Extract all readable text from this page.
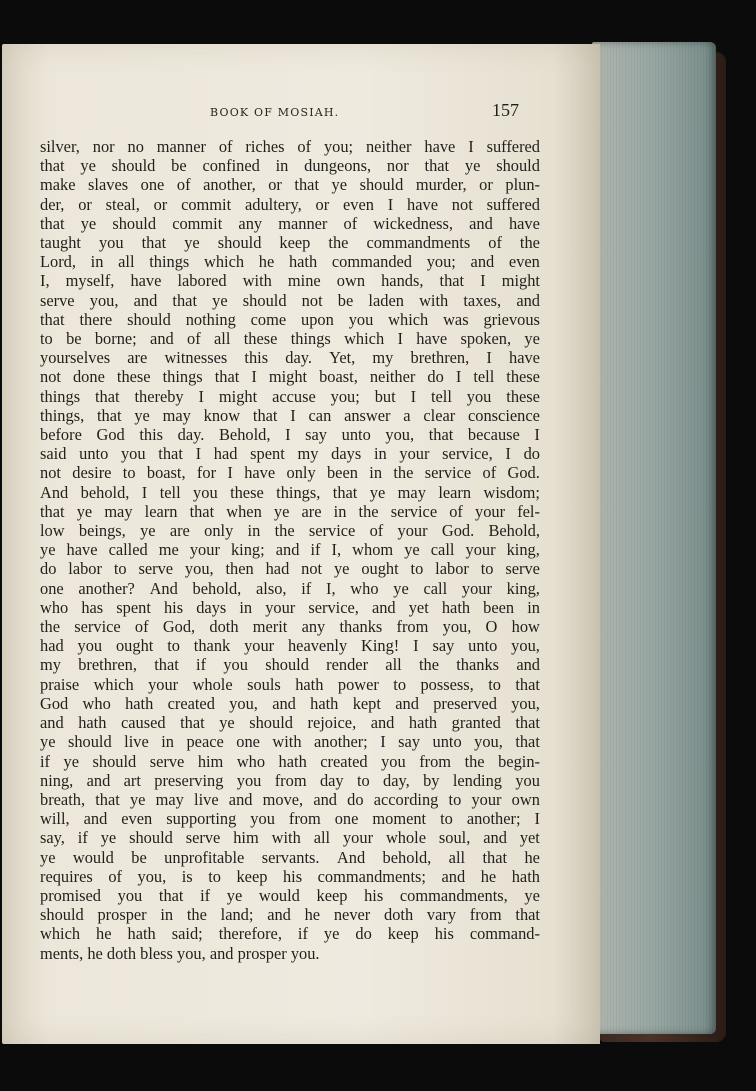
BOOK OF MOSIAH.	157
silver, nor no manner of riches of you; neither have I suffered
that ye should be confined in dungeons, nor that ye should
make slaves one of another, or that ye should murder, or plun-
der, or steal, or commit adultery, or even I have not suffered
that ye should commit any manner of wickedness, and have
taught you that ye should keep the commandments of the
Lord, in all things which he hath commanded you; and even
I, myself, have labored with mine own hands, that I might
serve you, and that ye should not be laden with taxes, and
that there should nothing come upon you which was grievous
to be borne; and of all these things which I have spoken, ye
yourselves are witnesses this day. Yet, my brethren, I have
not done these things that I might boast, neither do I tell these
things that thereby I might accuse you; but I tell you these
things, that ye may know that I can answer a clear conscience
before God this day. Behold, I say unto you, that because I
said unto you that I had spent my days in your service, I do
not desire to boast, for I have only been in the service of God.
And behold, I tell you these things, that ye may learn wisdom;
that ye may learn that when ye are in the service of your fel-
low beings, ye are only in the service of your God. Behold,
ye have called me your king; and if I, whom ye call your king,
do labor to serve you, then had not ye ought to labor to serve
one another? And behold, also, if I, who ye call your king,
who has spent his days in your service, and yet hath been in
the service of God, doth merit any thanks from you, O how
had you ought to thank your heavenly King! I say unto you,
my brethren, that if you should render all the thanks and
praise which your whole souls hath power to possess, to that
God who hath created you, and hath kept and preserved you,
and hath caused that ye should rejoice, and hath granted that
ye should live in peace one with another; I say unto you, that
if ye should serve him who hath created you from the begin-
ning, and art preserving you from day to day, by lending you
breath, that ye may live and move, and do according to your own
will, and even supporting you from one moment to another; I
say, if ye should serve him with all your whole soul, and yet
ye would be unprofitable servants. And behold, all that he
requires of you, is to keep his commandments; and he hath
promised you that if ye would keep his commandments, ye
should prosper in the land; and he never doth vary from that
which he hath said; therefore, if ye do keep his command-
ments, he doth bless you, and prosper you.
